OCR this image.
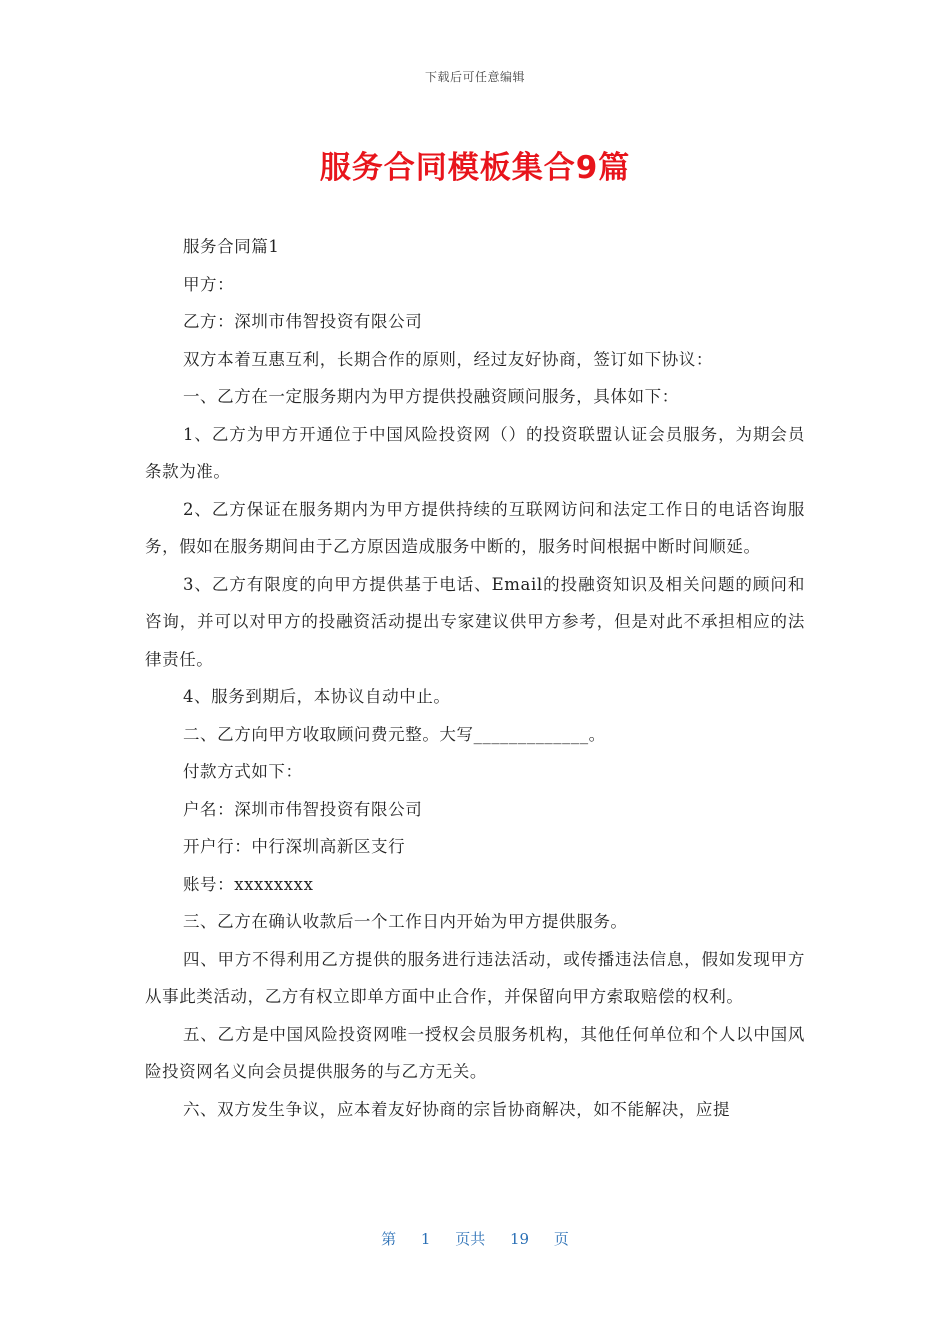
下载后可任意编辑
服务合同模板集合9篇

服务合同篇1

甲方：

乙方：深圳市伟智投资有限公司

双方本着互惠互利，长期合作的原则，经过友好协商，签订如下协议：

一、乙方在一定服务期内为甲方提供投融资顾问服务，具体如下：

1、乙方为甲方开通位于中国风险投资网（）的投资联盟认证会员服务，为期会员条款为准。

2、乙方保证在服务期内为甲方提供持续的互联网访问和法定工作日的电话咨询服务，假如在服务期间由于乙方原因造成服务中断的，服务时间根据中断时间顺延。

3、乙方有限度的向甲方提供基于电话、Email的投融资知识及相关问题的顾问和咨询，并可以对甲方的投融资活动提出专家建议供甲方参考，但是对此不承担相应的法律责任。

4、服务到期后，本协议自动中止。

二、乙方向甲方收取顾问费元整。大写_____________。

付款方式如下：

户名：深圳市伟智投资有限公司

开户行：中行深圳高新区支行

账号：xxxxxxxx

三、乙方在确认收款后一个工作日内开始为甲方提供服务。

四、甲方不得利用乙方提供的服务进行违法活动，或传播违法信息，假如发现甲方从事此类活动，乙方有权立即单方面中止合作，并保留向甲方索取赔偿的权利。

五、乙方是中国风险投资网唯一授权会员服务机构，其他任何单位和个人以中国风险投资网名义向会员提供服务的与乙方无关。

六、双方发生争议，应本着友好协商的宗旨协商解决，如不能解决，应提

第 1 页共 19 页
